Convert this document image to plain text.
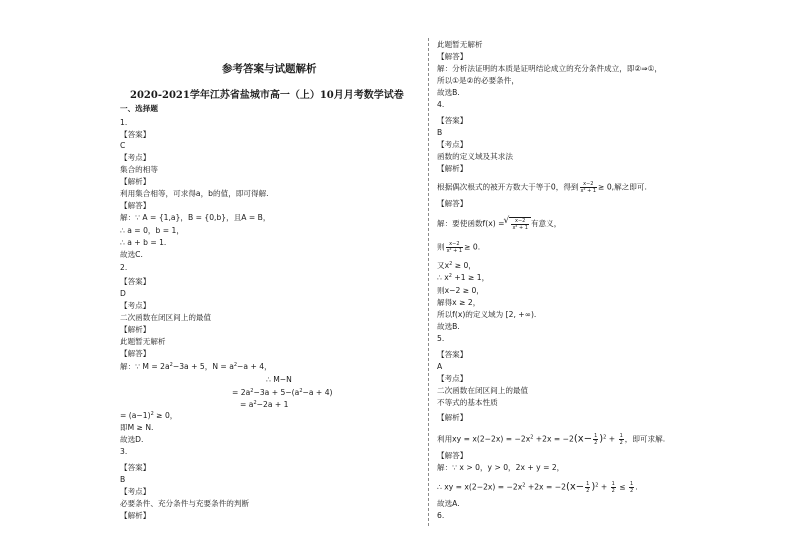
参考答案与试题解析
2020-2021学年江苏省盐城市高一（上）10月月考数学试卷
一、选择题
1.
【答案】
C
【考点】
集合的相等
【解析】
利用集合相等，可求得a，b的值，即可得解.
【解答】
解：∵ A = {1,a}，B = {0,b}，且A = B，
∴ a = 0，b = 1，
∴ a + b = 1.
故选C.
2.
【答案】
D
【考点】
二次函数在闭区间上的最值
【解析】
此题暂无解析
【解答】
解：∵ $M = 2a^2-3a + 5$，$N = a^2-a + 4$，
∴ M−N
= $2a^2-3a + 5-(a^2-a + 4)$
= $a^2-2a + 1$
= $(a-1)^2 \ge 0$，
即M ≥ N.
故选D.
3.
【答案】
B
【考点】
必要条件、充分条件与充要条件的判断
【解析】
此题暂无解析
【解答】
解：分析法证明的本质是证明结论成立的充分条件成立，即②⇒①，
所以①是②的必要条件，
故选B.
4.
【答案】
B
【考点】
函数的定义域及其求法
【解析】
根据偶次根式的被开方数大于等于0，得到 $\frac{x-2}{\text{x² + 1}} \ge 0$,解之即可.
【解答】
解：要使函数f(x) =
√ $\frac{x-2}{\text{x² + 1}}$ 有意义，
则 $\frac{x-2}{\text{x² + 1}} \ge 0$.
又$x^2 \ge 0$，
∴ $x^2 +1 \ge 1$，
则x−2 ≥ 0，
解得x ≥ 2，
所以f(x)的定义域为 [2, +∞).
故选B.
5.
【答案】
A
【考点】
二次函数在闭区间上的最值
不等式的基本性质
【解析】
利用xy = $x(2-2x) = -2x^2 +2x = -2(x- \frac{1}{2} )^2 + \frac{1}{2}$ ，即可求解.
【解答】
解：∵ x > 0，y > 0，2x + y = 2，
∴ xy = $x(2-2x) = -2x^2 +2x = -2(x- \frac{1}{2} )^2 + \frac{1}{2} \le \frac{1}{2}$ .
故选A.
6.
